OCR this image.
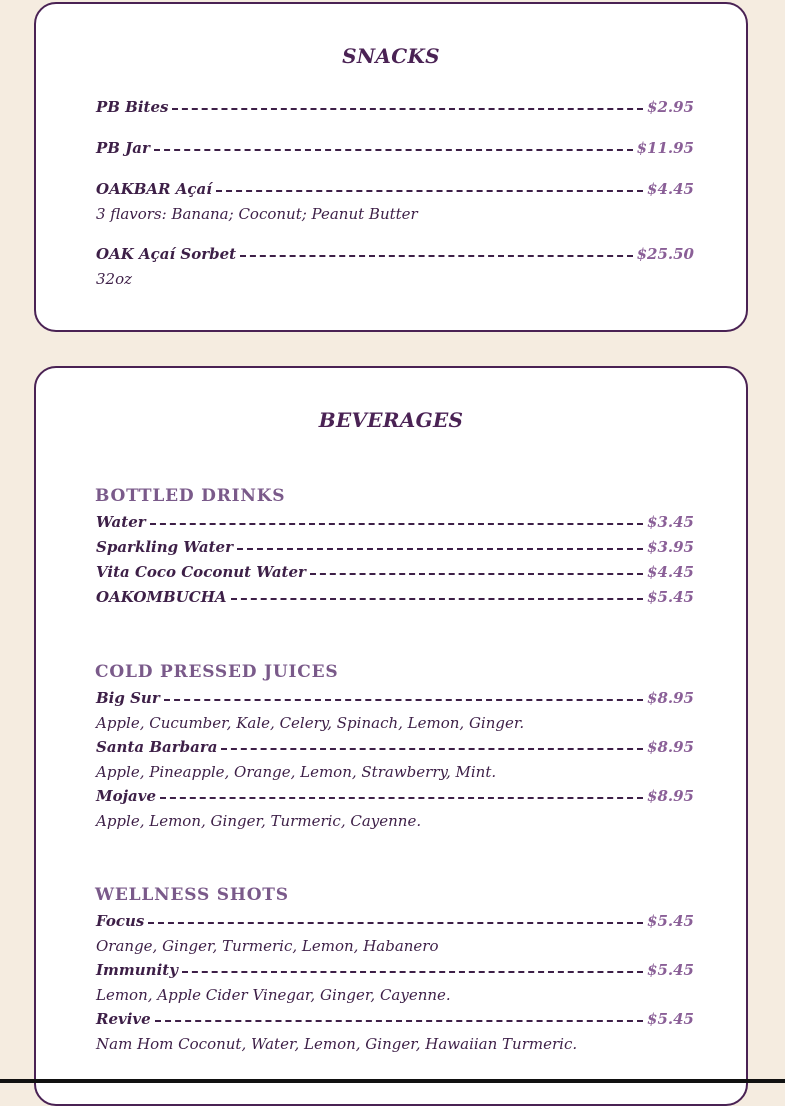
SNACKS
PB Bites	$2.95
PB Jar	$11.95
OAKBAR Açaí	$4.45
3 flavors: Banana; Coconut; Peanut Butter
OAK Açaí Sorbet	$25.50
32oz
BEVERAGES
BOTTLED DRINKS
Water	$3.45
Sparkling Water	$3.95
Vita Coco Coconut Water	$4.45
OAKOMBUCHA	$5.45
COLD PRESSED JUICES
Big Sur	$8.95
Apple, Cucumber, Kale, Celery, Spinach, Lemon, Ginger.
Santa Barbara	$8.95
Apple, Pineapple, Orange, Lemon, Strawberry, Mint.
Mojave	$8.95
Apple, Lemon, Ginger, Turmeric, Cayenne.
WELLNESS SHOTS
Focus	$5.45
Orange, Ginger, Turmeric, Lemon, Habanero
Immunity	$5.45
Lemon, Apple Cider Vinegar, Ginger, Cayenne.
Revive	$5.45
Nam Hom Coconut, Water, Lemon, Ginger, Hawaiian Turmeric.
